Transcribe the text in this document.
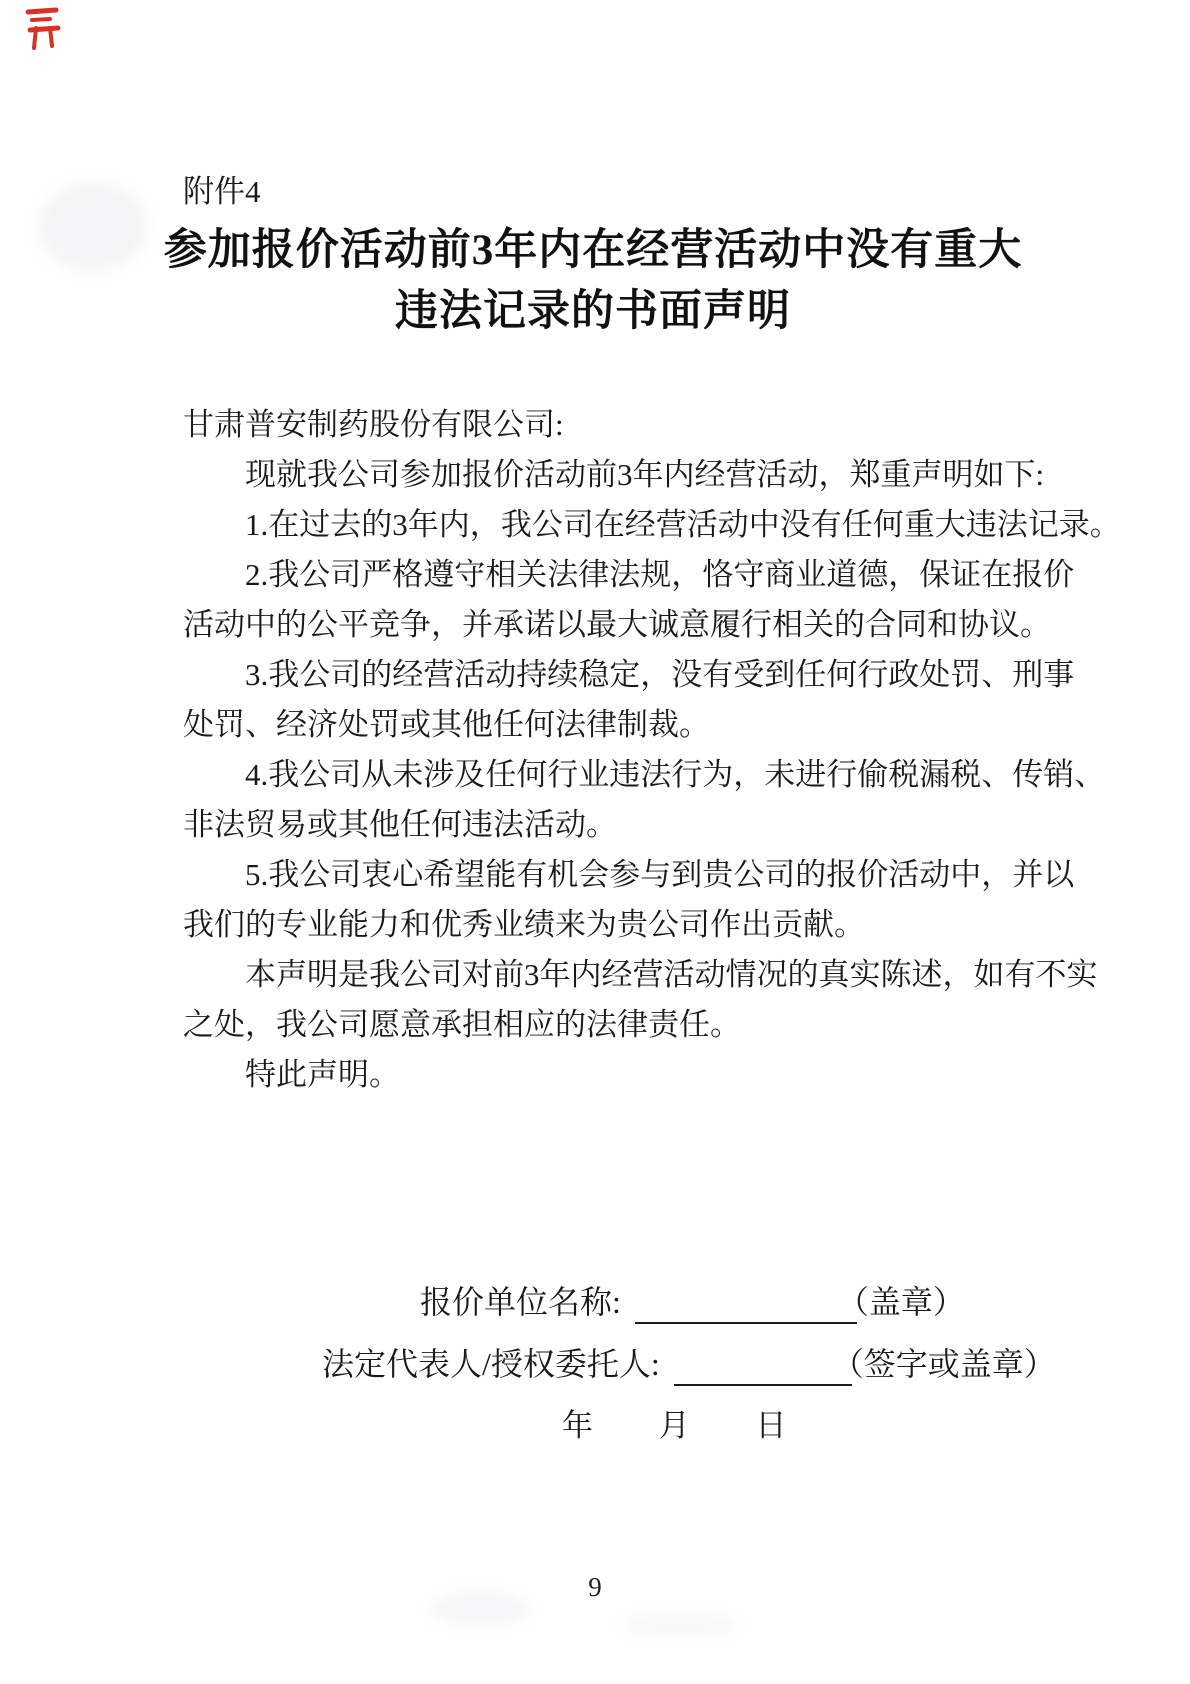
附件4
参加报价活动前3年内在经营活动中没有重大
违法记录的书面声明
甘肃普安制药股份有限公司:
现就我公司参加报价活动前3年内经营活动，郑重声明如下:
1.在过去的3年内，我公司在经营活动中没有任何重大违法记录。
2.我公司严格遵守相关法律法规，恪守商业道德，保证在报价
活动中的公平竞争，并承诺以最大诚意履行相关的合同和协议。
3.我公司的经营活动持续稳定，没有受到任何行政处罚、刑事
处罚、经济处罚或其他任何法律制裁。
4.我公司从未涉及任何行业违法行为，未进行偷税漏税、传销、
非法贸易或其他任何违法活动。
5.我公司衷心希望能有机会参与到贵公司的报价活动中，并以
我们的专业能力和优秀业绩来为贵公司作出贡献。
本声明是我公司对前3年内经营活动情况的真实陈述，如有不实
之处，我公司愿意承担相应的法律责任。
特此声明。
报价单位名称:	（盖章）
法定代表人/授权委托人:	（签字或盖章）
年 月 日
9
